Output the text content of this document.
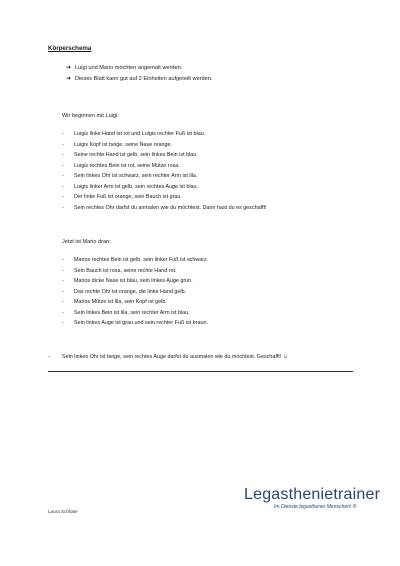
Körperschema
➔ Luigi und Mario möchten angemalt werden.
➔ Dieses Blatt kann gut auf 2 Einheiten aufgeteilt werden.
Wir beginnen mit Luigi:
- Luigis linke Hand ist rot und Luigis rechter Fuß ist blau.
- Luigis Kopf ist beige, seine Nase orange.
- Seine rechte Hand ist gelb, sein linkes Bein ist blau.
- Luigis rechtes Bein ist rot, seine Mütze rosa.
- Sein linkes Ohr ist schwarz, sein rechter Arm ist lila.
- Luigis linker Arm ist gelb, sein rechtes Auge ist blau.
- Der linke Fuß ist orange, sein Bauch ist grau.
- Sein rechtes Ohr darfst du anmalen wie du möchtest. Dann hast du es geschafft!
Jetzt ist Mario dran:
- Marios rechtes Bein ist gelb, sein linker Fuß ist schwarz.
- Sein Bauch ist rosa, seine rechte Hand rot.
- Marios dicke Nase ist blau, sein linkes Auge grün.
- Das rechte Ohr ist orange, die linke Hand gelb.
- Marios Mütze ist lila, sein Kopf ist gelb.
- Sein linkes Bein ist lila, sein rechter Arm ist blau.
- Sein linkes Auge ist grau und sein rechter Fuß ist braun.
- Sein linkes Ohr ist beige, sein rechtes Auge darfst du ausmalen wie du möchtest. Geschafft! ☺
Laura Schlüter
Legasthenietrainer
Im Dienste legasthener Menschen! ®
